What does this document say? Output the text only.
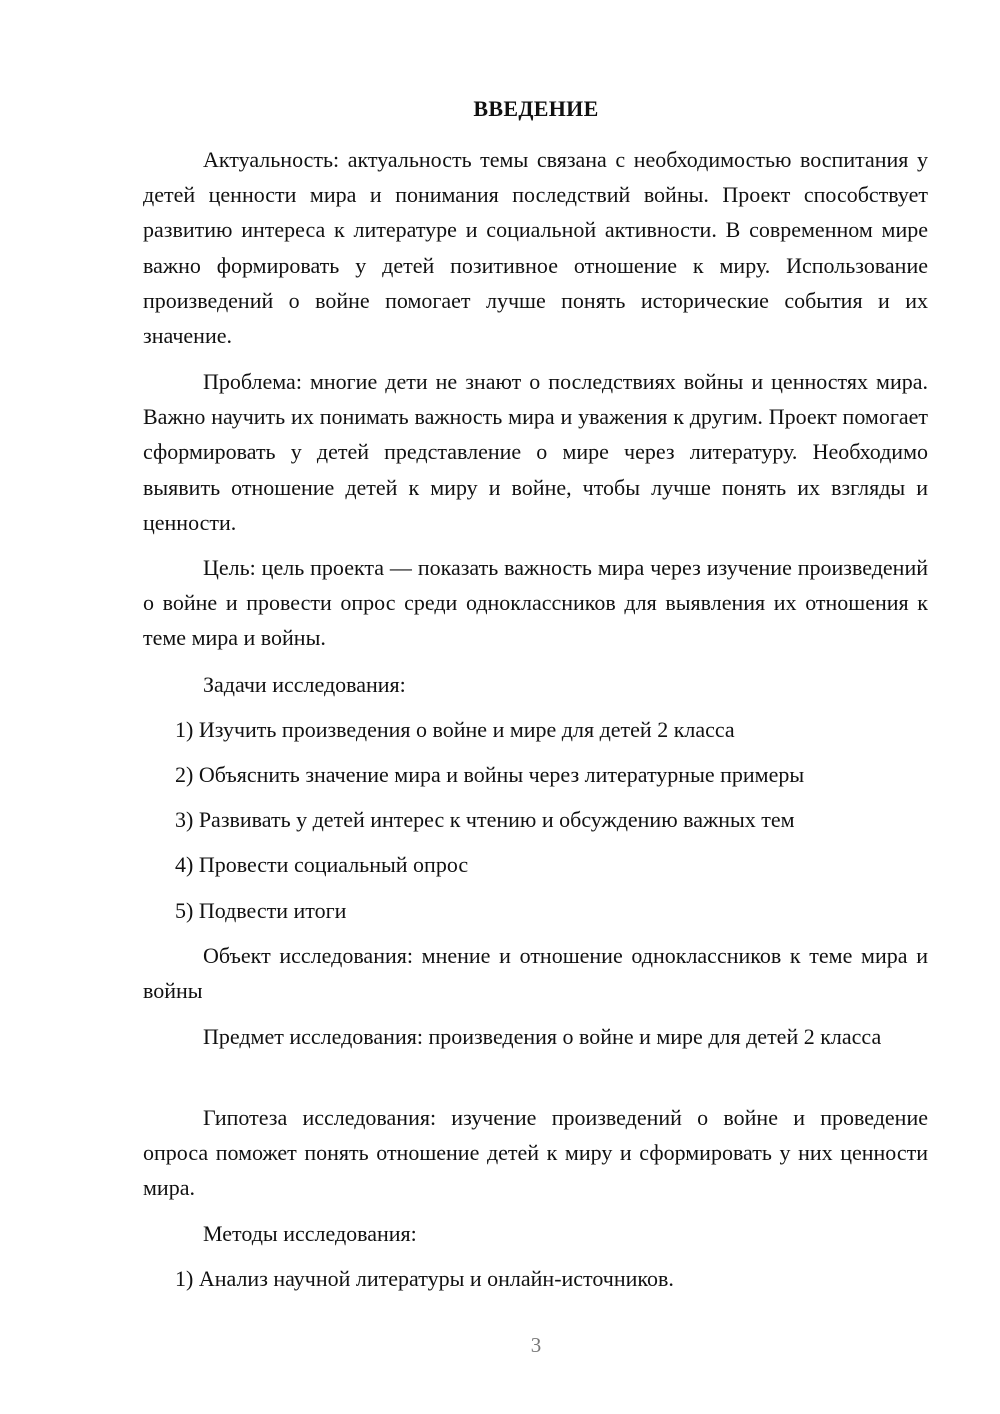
ВВЕДЕНИЕ

Актуальность: актуальность темы связана с необходимостью воспитания у детей ценности мира и понимания последствий войны. Проект способствует развитию интереса к литературе и социальной активности. В современном мире важно формировать у детей позитивное отношение к миру. Использование произведений о войне помогает лучше понять исторические события и их значение.

Проблема: многие дети не знают о последствиях войны и ценностях мира. Важно научить их понимать важность мира и уважения к другим. Проект помогает сформировать у детей представление о мире через литературу. Необходимо выявить отношение детей к миру и войне, чтобы лучше понять их взгляды и ценности.

Цель: цель проекта — показать важность мира через изучение произведений о войне и провести опрос среди одноклассников для выявления их отношения к теме мира и войны.

Задачи исследования:

1) Изучить произведения о войне и мире для детей 2 класса

2) Объяснить значение мира и войны через литературные примеры

3) Развивать у детей интерес к чтению и обсуждению важных тем

4) Провести социальный опрос

5) Подвести итоги

Объект исследования: мнение и отношение одноклассников к теме мира и войны

Предмет исследования: произведения о войне и мире для детей 2 класса

Гипотеза исследования: изучение произведений о войне и проведение опроса поможет понять отношение детей к миру и сформировать у них ценности мира.

Методы исследования:

1) Анализ научной литературы и онлайн-источников.

3
